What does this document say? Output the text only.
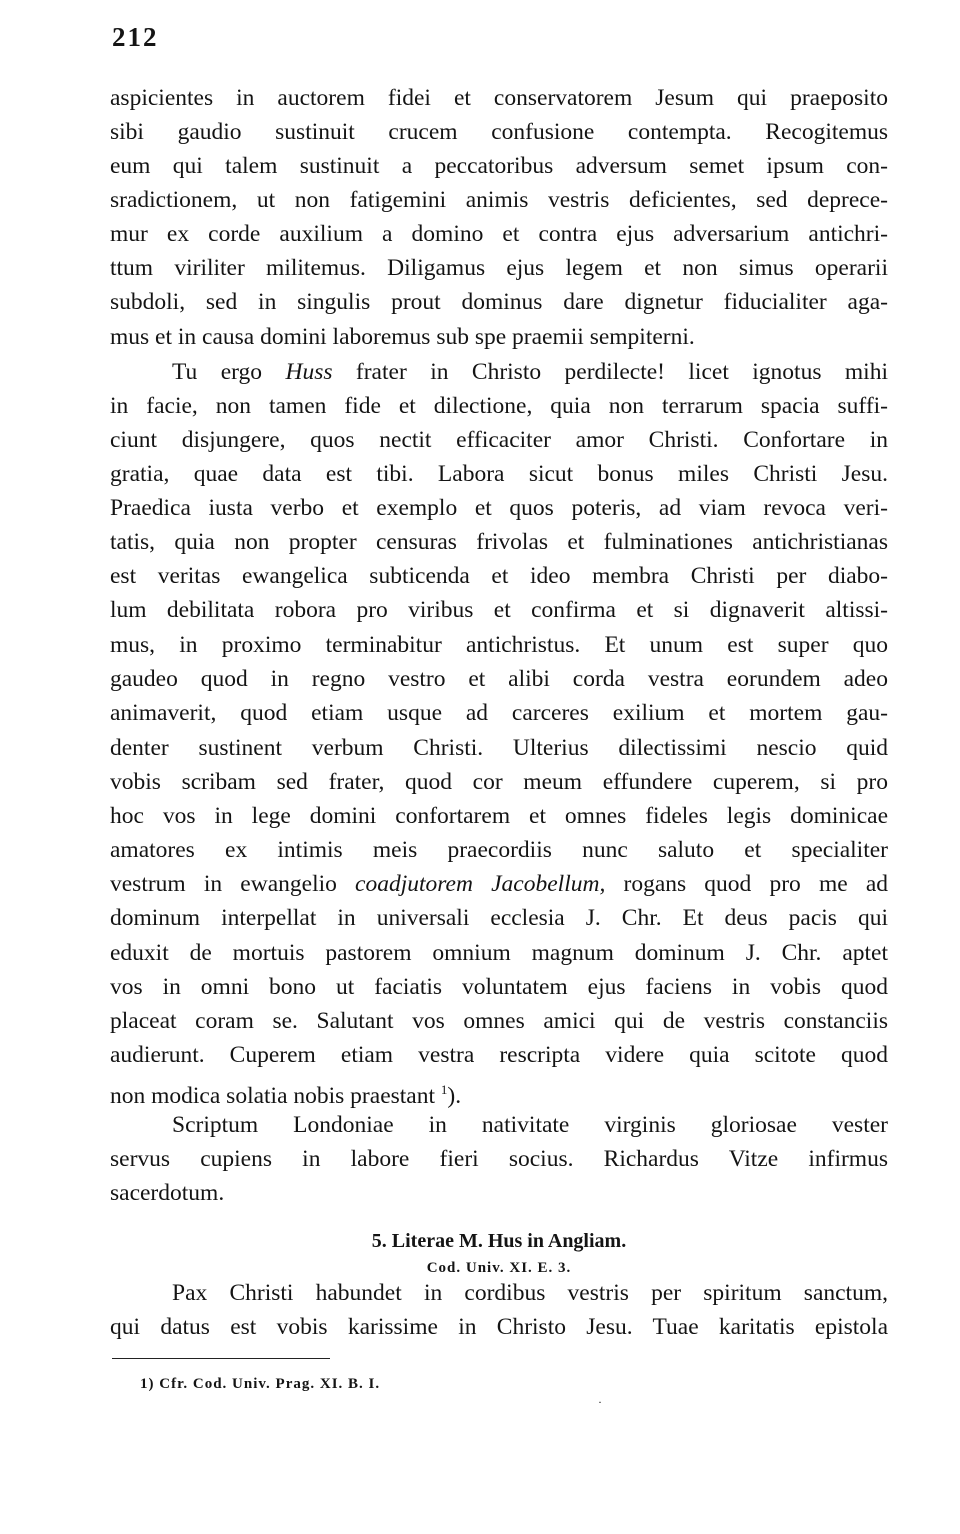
212
aspicientes in auctorem fidei et conservatorem Jesum qui praeposito
sibi gaudio sustinuit crucem confusione contempta. Recogitemus
eum qui talem sustinuit a peccatoribus adversum semet ipsum con-
sradictionem, ut non fatigemini animis vestris deficientes, sed deprece-
mur ex corde auxilium a domino et contra ejus adversarium antichri-
ttum viriliter militemus. Diligamus ejus legem et non simus operarii
subdoli, sed in singulis prout dominus dare dignetur fiducialiter aga-
mus et in causa domini laboremus sub spe praemii sempiterni.
Tu ergo Huss frater in Christo perdilecte! licet ignotus mihi
in facie, non tamen fide et dilectione, quia non terrarum spacia suffi-
ciunt disjungere, quos nectit efficaciter amor Christi. Confortare in
gratia, quae data est tibi. Labora sicut bonus miles Christi Jesu.
Praedica iusta verbo et exemplo et quos poteris, ad viam revoca veri-
tatis, quia non propter censuras frivolas et fulminationes antichristianas
est veritas ewangelica subticenda et ideo membra Christi per diabo-
lum debilitata robora pro viribus et confirma et si dignaverit altissi-
mus, in proximo terminabitur antichristus. Et unum est super quo
gaudeo quod in regno vestro et alibi corda vestra eorundem adeo
animaverit, quod etiam usque ad carceres exilium et mortem gau-
denter sustinent verbum Christi. Ulterius dilectissimi nescio quid
vobis scribam sed frater, quod cor meum effundere cuperem, si pro
hoc vos in lege domini confortarem et omnes fideles legis dominicae
amatores ex intimis meis praecordiis nunc saluto et specialiter
vestrum in ewangelio coadjutorem Jacobellum, rogans quod pro me ad
dominum interpellat in universali ecclesia J. Chr. Et deus pacis qui
eduxit de mortuis pastorem omnium magnum dominum J. Chr. aptet
vos in omni bono ut faciatis voluntatem ejus faciens in vobis quod
placeat coram se. Salutant vos omnes amici qui de vestris constanciis
audierunt. Cuperem etiam vestra rescripta videre quia scitote quod
non modica solatia nobis praestant $^1$).
Scriptum Londoniae in nativitate virginis gloriosae vester
servus cupiens in labore fieri socius. Richardus Vitze infirmus
sacerdotum.
Pax Christi habundet in cordibus vestris per spiritum sanctum,
qui datus est vobis karissime in Christo Jesu. Tuae karitatis epistola
5. Literae M. Hus in Angliam.
Cod. Univ. XI. E. 3.
1) Cfr. Cod. Univ. Prag. XI. B. I.
·
